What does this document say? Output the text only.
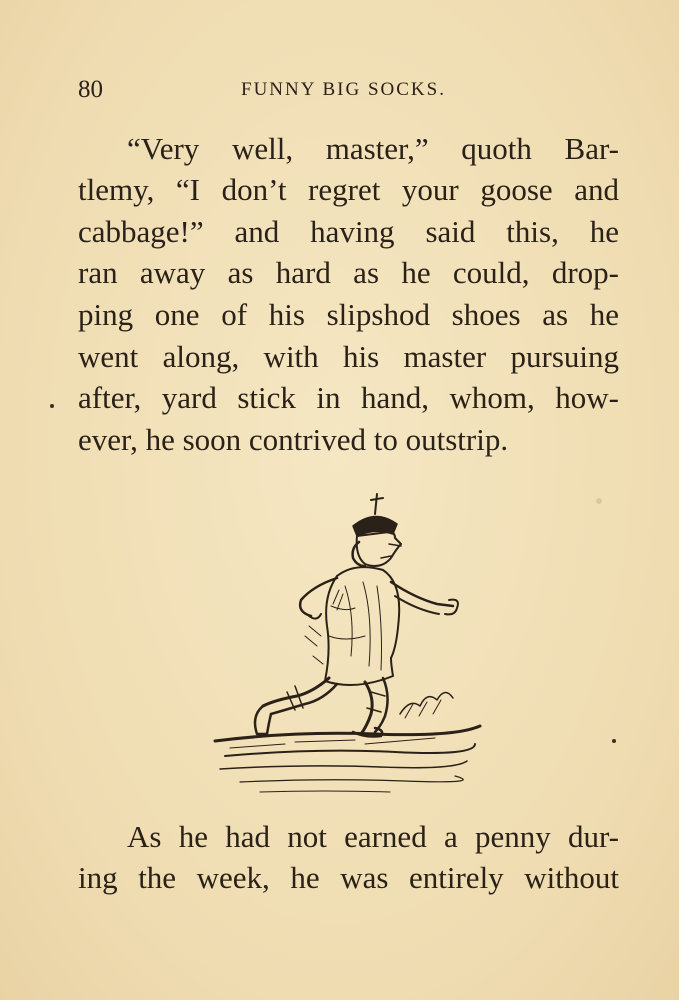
80	FUNNY BIG SOCKS.
“Very well, master,” quoth Bar-
tlemy, “I don’t regret your goose and
cabbage!” and having said this, he
ran away as hard as he could, drop-
ping one of his slipshod shoes as he
went along, with his master pursuing
after, yard stick in hand, whom, how-
ever, he soon contrived to outstrip.
As he had not earned a penny dur-
ing the week, he was entirely without
